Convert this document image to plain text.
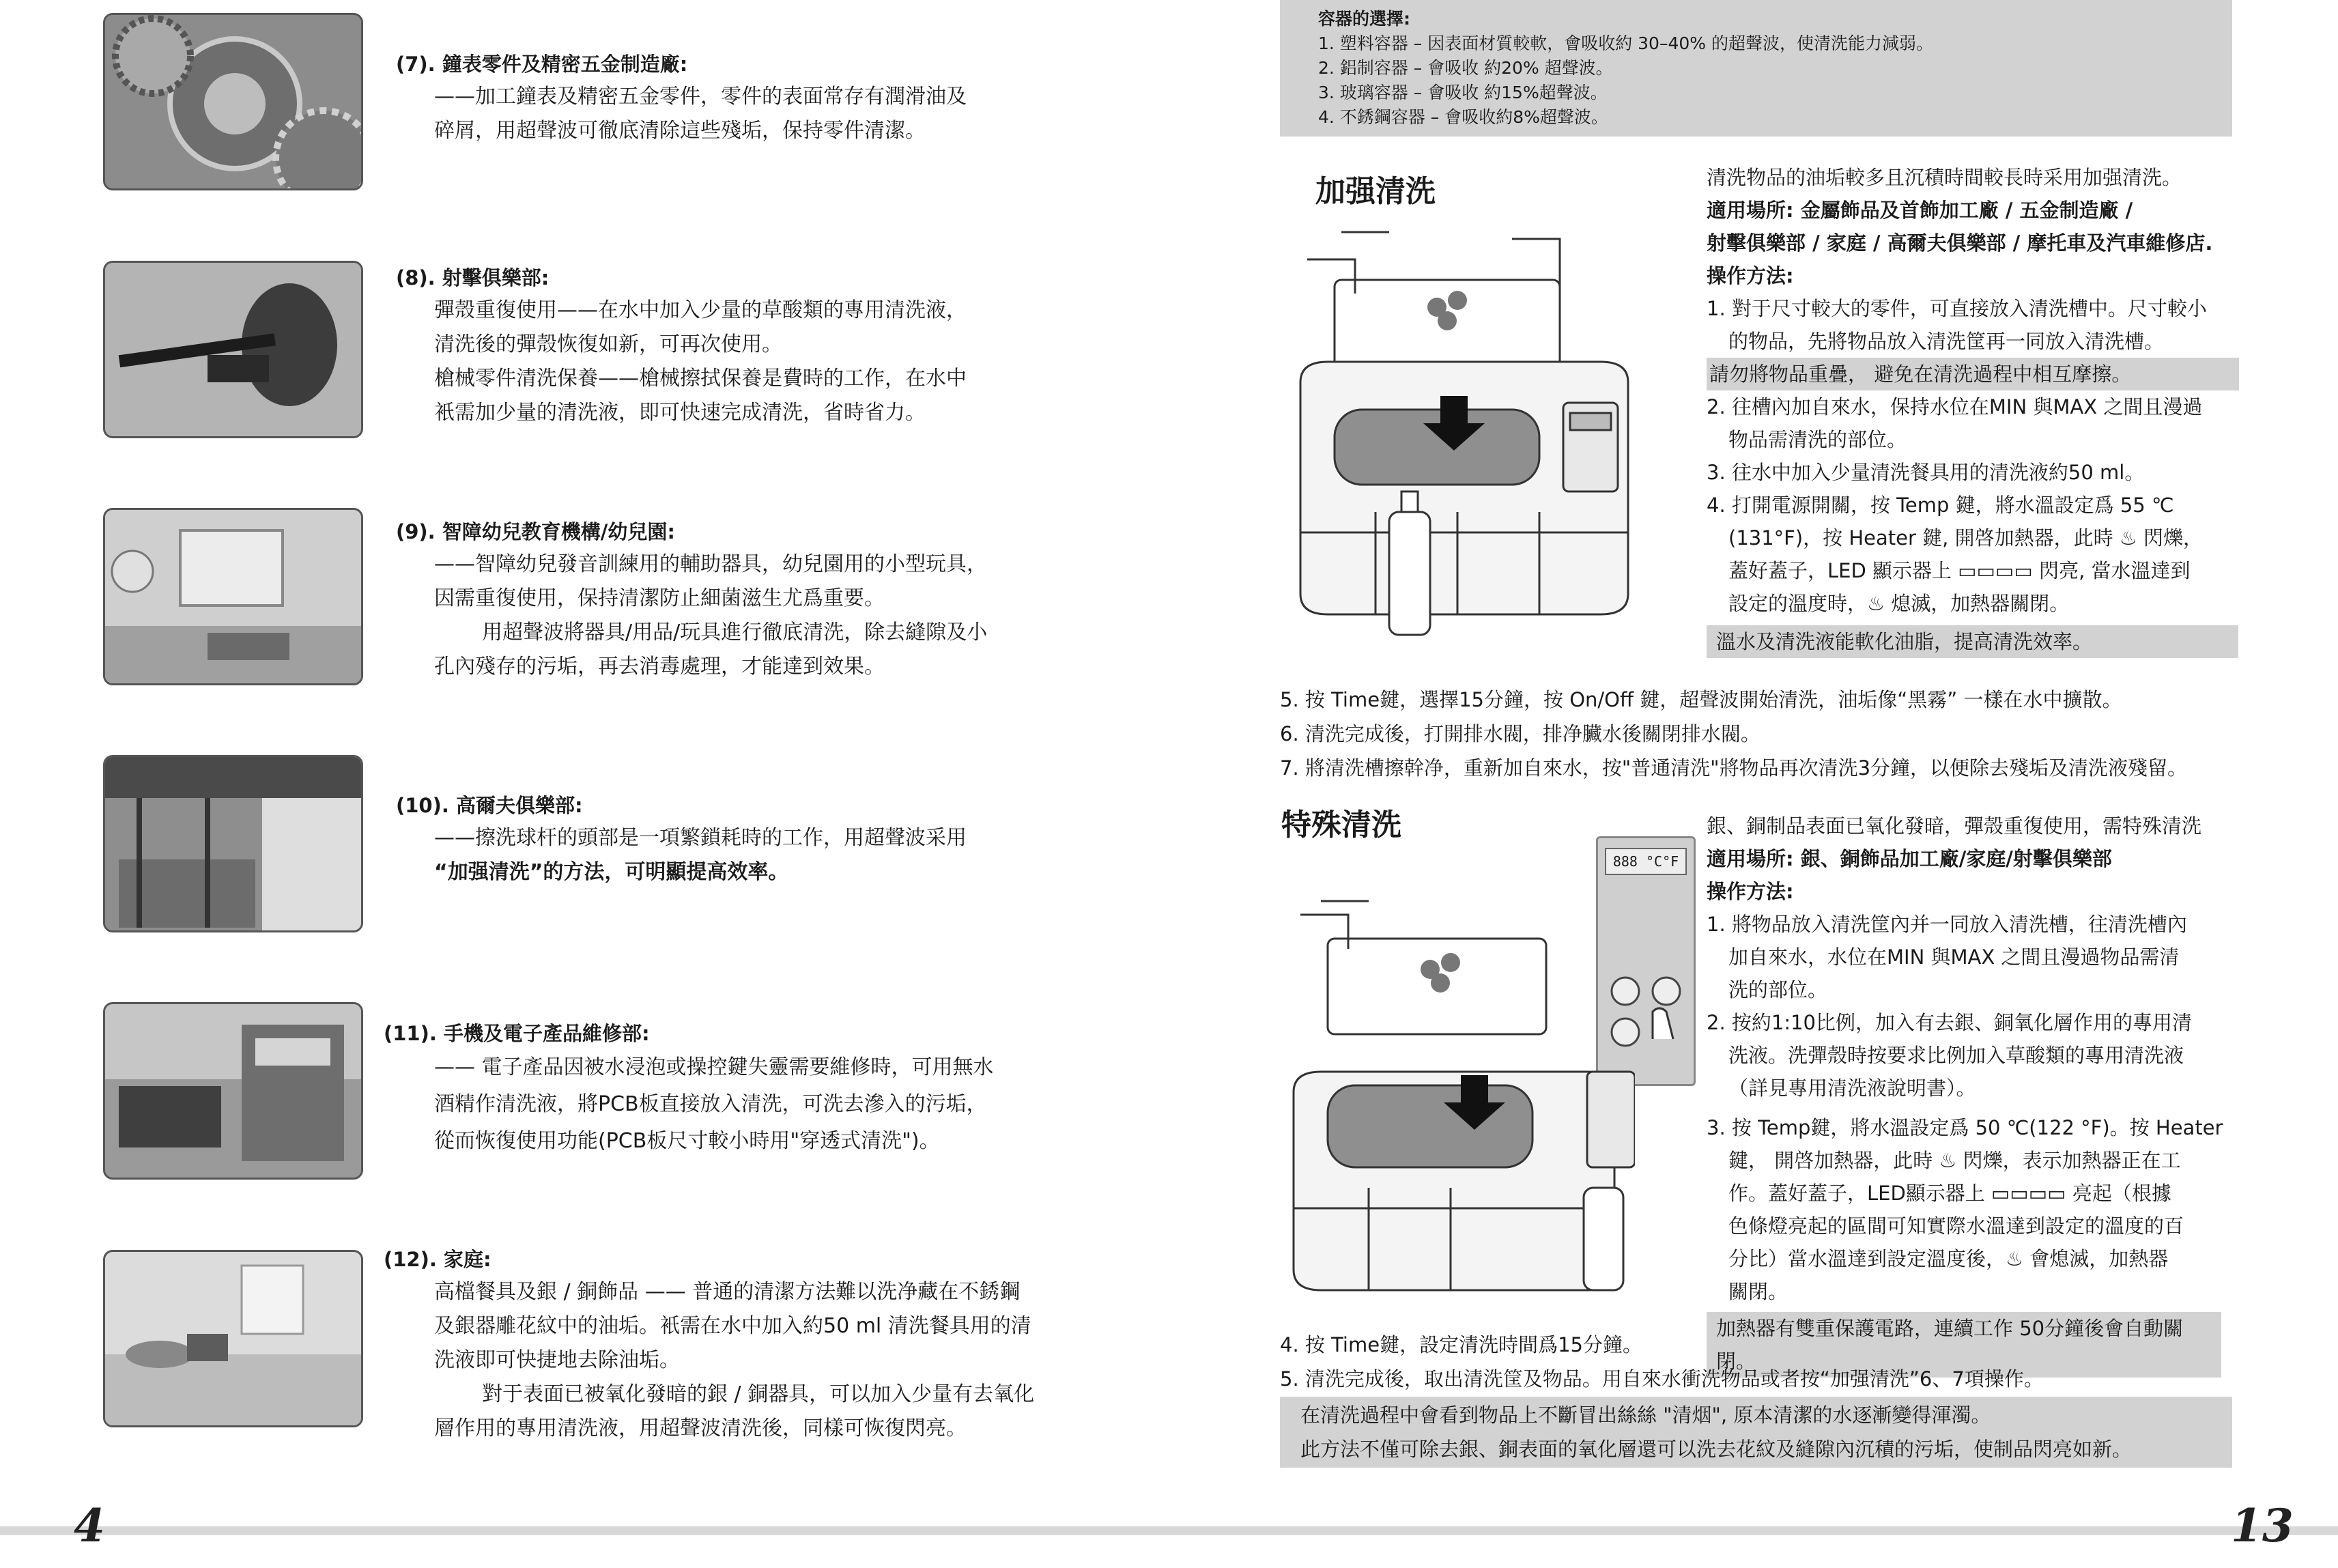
(7). 鐘表零件及精密五金制造廠:
——加工鐘表及精密五金零件，零件的表面常存有潤滑油及
碎屑，用超聲波可徹底清除這些殘垢，保持零件清潔。
(8). 射擊俱樂部:
彈殼重復使用——在水中加入少量的草酸類的專用清洗液，
清洗後的彈殼恢復如新，可再次使用。
槍械零件清洗保養——槍械擦拭保養是費時的工作，在水中
衹需加少量的清洗液，即可快速完成清洗，省時省力。
(9). 智障幼兒教育機構/幼兒園:
——智障幼兒發音訓練用的輔助器具，幼兒園用的小型玩具，
因需重復使用，保持清潔防止細菌滋生尤爲重要。
用超聲波將器具/用品/玩具進行徹底清洗，除去縫隙及小
孔內殘存的污垢，再去消毒處理，才能達到效果。
(10). 高爾夫俱樂部:
——擦洗球杆的頭部是一項繁鎖耗時的工作，用超聲波采用
“加强清洗”的方法，可明顯提高效率。
(11). 手機及電子產品維修部:
—— 電子產品因被水浸泡或操控鍵失靈需要維修時，可用無水
酒精作清洗液，將PCB板直接放入清洗，可洗去滲入的污垢，
從而恢復使用功能(PCB板尺寸較小時用"穿透式清洗")。
(12). 家庭:
高檔餐具及銀 / 銅飾品 —— 普通的清潔方法難以洗净藏在不銹鋼
及銀器雕花紋中的油垢。衹需在水中加入約50 ml 清洗餐具用的清
洗液即可快捷地去除油垢。
對于表面已被氧化發暗的銀 / 銅器具，可以加入少量有去氧化
層作用的專用清洗液，用超聲波清洗後，同樣可恢復閃亮。
4	13
容器的選擇:
1. 塑料容器 – 因表面材質較軟，會吸收約 30–40% 的超聲波，使清洗能力減弱。
2. 鋁制容器 – 會吸收 約20% 超聲波。
3. 玻璃容器 – 會吸收 約15%超聲波。
4. 不銹鋼容器 – 會吸收約8%超聲波。
加强清洗	清洗物品的油垢較多且沉積時間較長時采用加强清洗。
適用場所: 金屬飾品及首飾加工廠 / 五金制造廠 /
射擊俱樂部 / 家庭 / 高爾夫俱樂部 / 摩托車及汽車維修店.
操作方法:
1. 對于尺寸較大的零件，可直接放入清洗槽中。尺寸較小
的物品，先將物品放入清洗筐再一同放入清洗槽。
請勿將物品重疊， 避免在清洗過程中相互摩擦。
2. 往槽內加自來水，保持水位在MIN 與MAX 之間且漫過
物品需清洗的部位。
3. 往水中加入少量清洗餐具用的清洗液約50 ml。
4. 打開電源開關，按 Temp 鍵，將水溫設定爲 55 ℃
(131°F)，按 Heater 鍵, 開啓加熱器，此時 ♨ 閃爍，
蓋好蓋子，LED 顯示器上 ▭▭▭▭ 閃亮, 當水溫達到
設定的溫度時，♨ 熄滅，加熱器關閉。
溫水及清洗液能軟化油脂，提高清洗效率。
5. 按 Time鍵，選擇15分鐘，按 On/Off 鍵，超聲波開始清洗，油垢像“黑霧” 一樣在水中擴散。
6. 清洗完成後，打開排水閥，排净臟水後關閉排水閥。
7. 將清洗槽擦幹净，重新加自來水，按"普通清洗"將物品再次清洗3分鐘，以便除去殘垢及清洗液殘留。
特殊清洗
888 °C°F
銀、銅制品表面已氧化發暗，彈殼重復使用，需特殊清洗
適用場所: 銀、銅飾品加工廠/家庭/射擊俱樂部
操作方法:
1. 將物品放入清洗筐內并一同放入清洗槽，往清洗槽內
加自來水，水位在MIN 與MAX 之間且漫過物品需清
洗的部位。
2. 按約1:10比例，加入有去銀、銅氧化層作用的專用清
洗液。洗彈殼時按要求比例加入草酸類的專用清洗液
（詳見專用清洗液說明書）。
3. 按 Temp鍵，將水溫設定爲 50 ℃(122 °F)。按 Heater
鍵， 開啓加熱器，此時 ♨ 閃爍，表示加熱器正在工
作。蓋好蓋子，LED顯示器上 ▭▭▭▭ 亮起（根據
色條燈亮起的區間可知實際水溫達到設定的溫度的百
分比）當水溫達到設定溫度後，♨ 會熄滅，加熱器
關閉。
加熱器有雙重保護電路，連續工作 50分鐘後會自動關閉。
4. 按 Time鍵，設定清洗時間爲15分鐘。
5. 清洗完成後，取出清洗筐及物品。用自來水衝洗物品或者按“加强清洗”6、7項操作。
在清洗過程中會看到物品上不斷冒出絲絲 "清烟", 原本清潔的水逐漸變得渾濁。
此方法不僅可除去銀、銅表面的氧化層還可以洗去花紋及縫隙內沉積的污垢，使制品閃亮如新。
